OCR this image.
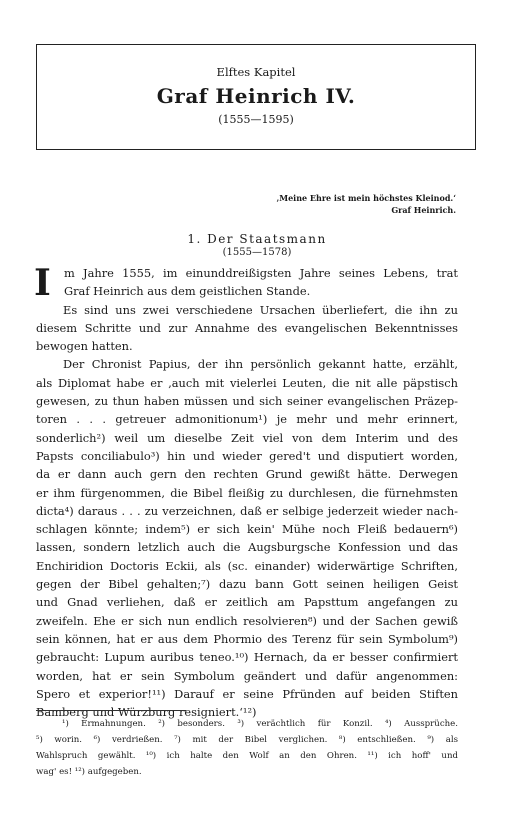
Elftes Kapitel
Graf Heinrich IV.
(1555—1595)
‚Meine Ehre ist mein höchstes Kleinod.‘
Graf Heinrich.
1. Der Staatsmann
(1555—1578)
I	m Jahre 1555, im einunddreißigsten Jahre seines Lebens, trat
Graf Heinrich aus dem geistlichen Stande.
Es sind uns zwei verschiedene Ursachen überliefert, die ihn zu
diesem Schritte und zur Annahme des evangelischen Bekenntnisses
bewogen hatten.
Der Chronist Papius, der ihn persönlich gekannt hatte, erzählt,
als Diplomat habe er ‚auch mit vielerlei Leuten, die nit alle päpstisch
gewesen, zu thun haben müssen und sich seiner evangelischen Präzep-
toren . . . getreuer admonitionum¹) je mehr und mehr erinnert,
sonderlich²) weil um dieselbe Zeit viel von dem Interim und des
Papsts conciliabulo³) hin und wieder gered't und disputiert worden,
da er dann auch gern den rechten Grund gewißt hätte. Derwegen
er ihm fürgenommen, die Bibel fleißig zu durchlesen, die fürnehmsten
dicta⁴) daraus . . . zu verzeichnen, daß er selbige jederzeit wieder nach-
schlagen könnte; indem⁵) er sich kein' Mühe noch Fleiß bedauern⁶)
lassen, sondern letzlich auch die Augsburgsche Konfession und das
Enchiridion Doctoris Eckii, als (sc. einander) widerwärtige Schriften,
gegen der Bibel gehalten;⁷) dazu bann Gott seinen heiligen Geist
und Gnad verliehen, daß er zeitlich am Papsttum angefangen zu
zweifeln. Ehe er sich nun endlich resolvieren⁸) und der Sachen gewiß
sein können, hat er aus dem Phormio des Terenz für sein Symbolum⁹)
gebraucht: Lupum auribus teneo.¹⁰) Hernach, da er besser confirmiert
worden, hat er sein Symbolum geändert und dafür angenommen:
Spero et experior!¹¹) Darauf er seine Pfründen auf beiden Stiften
Bamberg und Würzburg resigniert.‘¹²)
¹) Ermahnungen. ²) besonders. ³) verächtlich für Konzil. ⁴) Aussprüche.
⁵) worin. ⁶) verdrießen. ⁷) mit der Bibel verglichen. ⁸) entschließen. ⁹) als
Wahlspruch gewählt. ¹⁰) ich halte den Wolf an den Ohren. ¹¹) ich hoff' und
wag' es! ¹²) aufgegeben.
